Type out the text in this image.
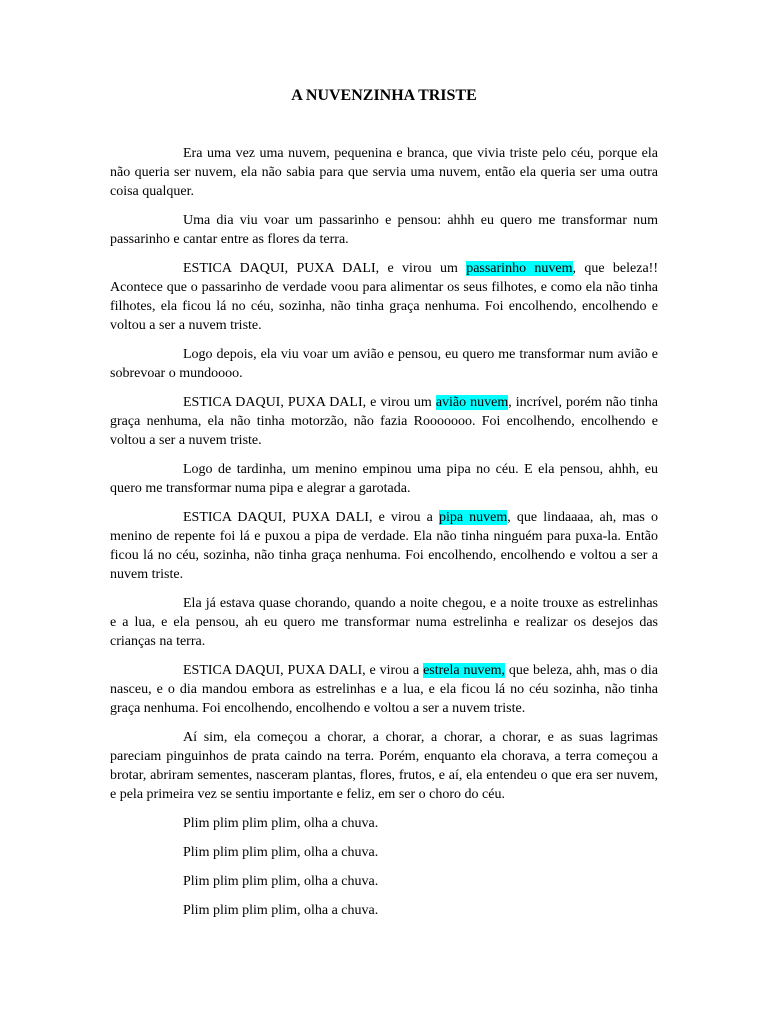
A NUVENZINHA TRISTE

Era uma vez uma nuvem, pequenina e branca, que vivia triste pelo céu, porque ela não queria ser nuvem, ela não sabia para que servia uma nuvem, então ela queria ser uma outra coisa qualquer.

Uma dia viu voar um passarinho e pensou: ahhh eu quero me transformar num passarinho e cantar entre as flores da terra.

ESTICA DAQUI, PUXA DALI, e virou um passarinho nuvem, que beleza!! Acontece que o passarinho de verdade voou para alimentar os seus filhotes, e como ela não tinha filhotes, ela ficou lá no céu, sozinha, não tinha graça nenhuma. Foi encolhendo, encolhendo e voltou a ser a nuvem triste.

Logo depois, ela viu voar um avião e pensou, eu quero me transformar num avião e sobrevoar o mundoooo.

ESTICA DAQUI, PUXA DALI, e virou um avião nuvem, incrível, porém não tinha graça nenhuma, ela não tinha motorzão, não fazia Rooooooo. Foi encolhendo, encolhendo e voltou a ser a nuvem triste.

Logo de tardinha, um menino empinou uma pipa no céu. E ela pensou, ahhh, eu quero me transformar numa pipa e alegrar a garotada.

ESTICA DAQUI, PUXA DALI, e virou a pipa nuvem, que lindaaaa, ah, mas o menino de repente foi lá e puxou a pipa de verdade. Ela não tinha ninguém para puxa-la. Então ficou lá no céu, sozinha, não tinha graça nenhuma. Foi encolhendo, encolhendo e voltou a ser a nuvem triste.

Ela já estava quase chorando, quando a noite chegou, e a noite trouxe as estrelinhas e a lua, e ela pensou, ah eu quero me transformar numa estrelinha e realizar os desejos das crianças na terra.

ESTICA DAQUI, PUXA DALI, e virou a estrela nuvem, que beleza, ahh, mas o dia nasceu, e o dia mandou embora as estrelinhas e a lua, e ela ficou lá no céu sozinha, não tinha graça nenhuma. Foi encolhendo, encolhendo e voltou a ser a nuvem triste.

Aí sim, ela começou a chorar, a chorar, a chorar, a chorar, e as suas lagrimas pareciam pinguinhos de prata caindo na terra. Porém, enquanto ela chorava, a terra começou a brotar, abriram sementes, nasceram plantas, flores, frutos, e aí, ela entendeu o que era ser nuvem, e pela primeira vez se sentiu importante e feliz, em ser o choro do céu.

Plim plim plim plim, olha a chuva.

Plim plim plim plim, olha a chuva.

Plim plim plim plim, olha a chuva.

Plim plim plim plim, olha a chuva.
